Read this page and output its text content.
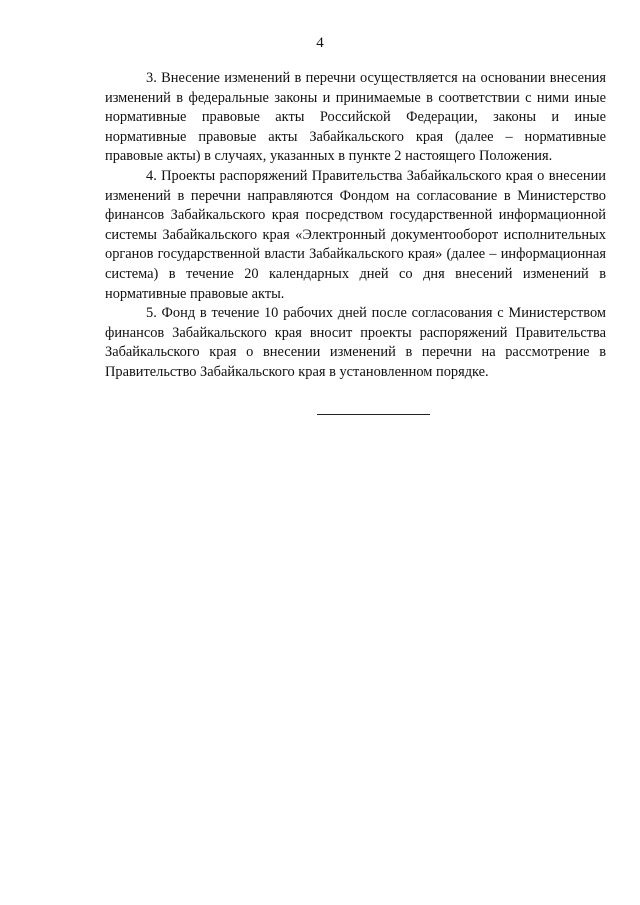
4

3. Внесение изменений в перечни осуществляется на основании внесения изменений в федеральные законы и принимаемые в соответствии с ними иные нормативные правовые акты Российской Федерации, законы и иные нормативные правовые акты Забайкальского края (далее – нормативные правовые акты) в случаях, указанных в пункте 2 настоящего Положения.

4. Проекты распоряжений Правительства Забайкальского края о внесении изменений в перечни направляются Фондом на согласование в Министерство финансов Забайкальского края посредством государственной информационной системы Забайкальского края «Электронный документооборот исполнительных органов государственной власти Забайкальского края» (далее – информационная система) в течение 20 календарных дней со дня внесений изменений в нормативные правовые акты.

5. Фонд в течение 10 рабочих дней после согласования с Министерством финансов Забайкальского края вносит проекты распоряжений Правительства Забайкальского края о внесении изменений в перечни на рассмотрение в Правительство Забайкальского края в установленном порядке.
